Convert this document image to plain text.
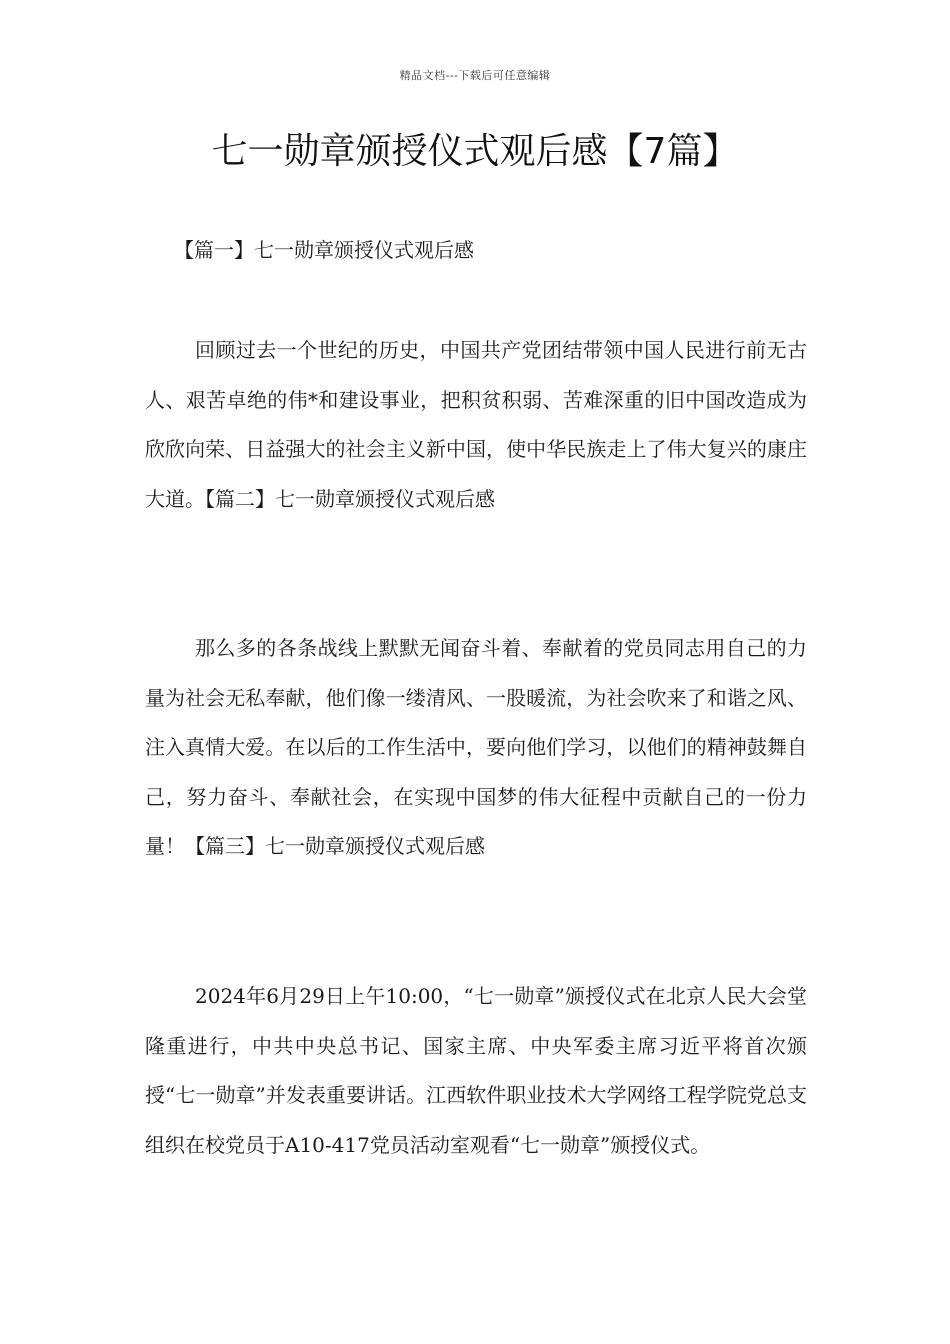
精品文档---下载后可任意编辑
七一勋章颁授仪式观后感【7篇】
【篇一】七一勋章颁授仪式观后感

回顾过去一个世纪的历史，中国共产党团结带领中国人民进行前无古人、艰苦卓绝的伟*和建设事业，把积贫积弱、苦难深重的旧中国改造成为欣欣向荣、日益强大的社会主义新中国，使中华民族走上了伟大复兴的康庄大道。【篇二】七一勋章颁授仪式观后感

那么多的各条战线上默默无闻奋斗着、奉献着的党员同志用自己的力量为社会无私奉献，他们像一缕清风、一股暖流，为社会吹来了和谐之风、注入真情大爱。在以后的工作生活中，要向他们学习，以他们的精神鼓舞自己，努力奋斗、奉献社会，在实现中国梦的伟大征程中贡献自己的一份力量！【篇三】七一勋章颁授仪式观后感

2024年6月29日上午10:00，“七一勋章”颁授仪式在北京人民大会堂隆重进行，中共中央总书记、国家主席、中央军委主席习近平将首次颁授“七一勋章”并发表重要讲话。江西软件职业技术大学网络工程学院党总支组织在校党员于A10-417党员活动室观看“七一勋章”颁授仪式。
